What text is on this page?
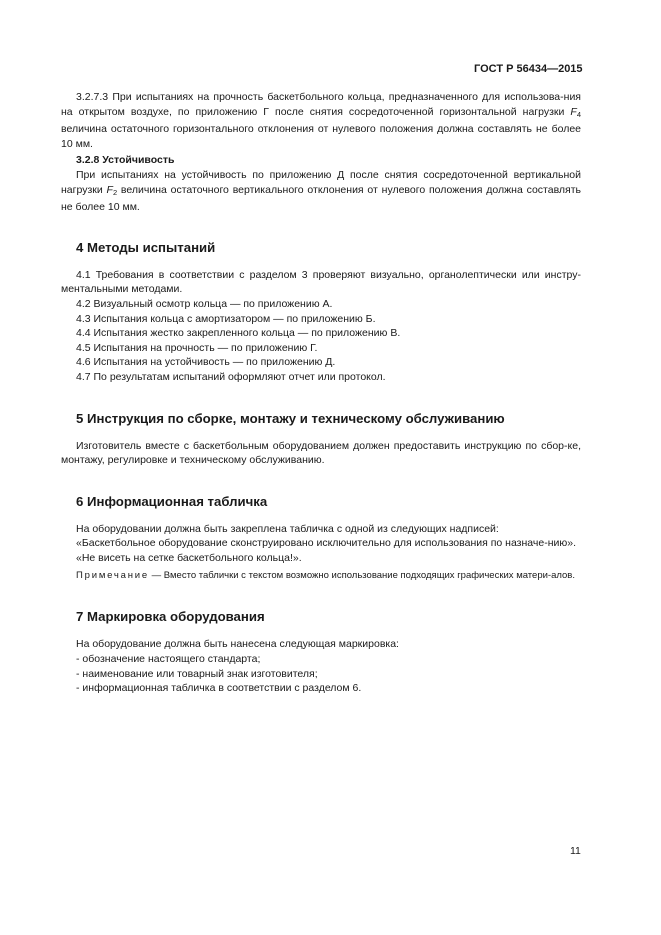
ГОСТ Р 56434—2015

3.2.7.3 При испытаниях на прочность баскетбольного кольца, предназначенного для использова-ния на открытом воздухе, по приложению Г после снятия сосредоточенной горизонтальной нагрузки $F_4$ величина остаточного горизонтального отклонения от нулевого положения должна составлять не более 10 мм.

3.2.8 Устойчивость

При испытаниях на устойчивость по приложению Д после снятия сосредоточенной вертикальной нагрузки $F_2$ величина остаточного вертикального отклонения от нулевого положения должна составлять не более 10 мм.

4 Методы испытаний

4.1 Требования в соответствии с разделом 3 проверяют визуально, органолептически или инстру-ментальными методами.

4.2 Визуальный осмотр кольца — по приложению А.

4.3 Испытания кольца с амортизатором — по приложению Б.

4.4 Испытания жестко закрепленного кольца — по приложению В.

4.5 Испытания на прочность — по приложению Г.

4.6 Испытания на устойчивость — по приложению Д.

4.7 По результатам испытаний оформляют отчет или протокол.

5 Инструкция по сборке, монтажу и техническому обслуживанию

Изготовитель вместе с баскетбольным оборудованием должен предоставить инструкцию по сбор-ке, монтажу, регулировке и техническому обслуживанию.

6 Информационная табличка

На оборудовании должна быть закреплена табличка с одной из следующих надписей:

«Баскетбольное оборудование сконструировано исключительно для использования по назначе-нию».

«Не висеть на сетке баскетбольного кольца!».

Примечание — Вместо таблички с текстом возможно использование подходящих графических матери-алов.

7 Маркировка оборудования

На оборудование должна быть нанесена следующая маркировка:

- обозначение настоящего стандарта;

- наименование или товарный знак изготовителя;

- информационная табличка в соответствии с разделом 6.

11
